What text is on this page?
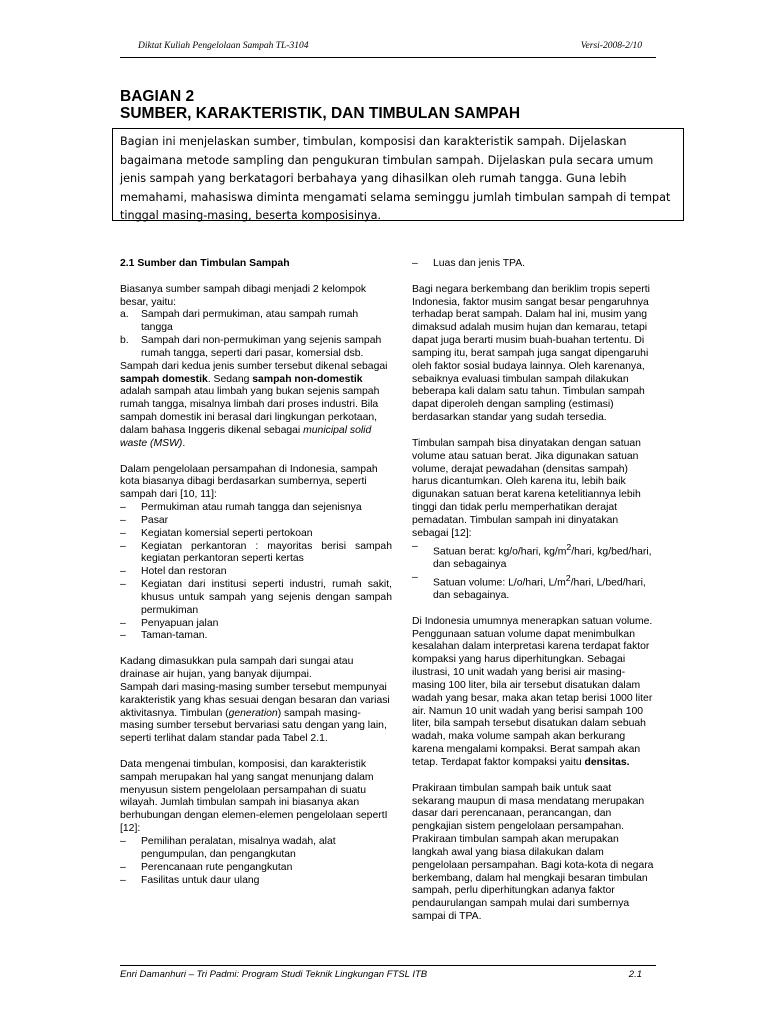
Diktat Kuliah Pengelolaan Sampah TL-3104	Versi-2008-2/10
BAGIAN 2
SUMBER, KARAKTERISTIK, DAN TIMBULAN SAMPAH
Bagian ini menjelaskan sumber, timbulan, komposisi dan karakteristik sampah. Dijelaskan bagaimana metode sampling dan pengukuran timbulan sampah. Dijelaskan pula secara umum jenis sampah yang berkatagori berbahaya yang dihasilkan oleh rumah tangga. Guna lebih memahami, mahasiswa diminta mengamati selama seminggu jumlah timbulan sampah di tempat tinggal masing-masing, beserta komposisinya.

2.1 Sumber dan Timbulan Sampah

Biasanya sumber sampah dibagi menjadi 2 kelompok besar, yaitu:

a.	Sampah dari permukiman, atau sampah rumah tangga
b.	Sampah dari non-permukiman yang sejenis sampah rumah tangga, seperti dari pasar, komersial dsb.

Sampah dari kedua jenis sumber tersebut dikenal sebagai sampah domestik. Sedang sampah non-domestik adalah sampah atau limbah yang bukan sejenis sampah rumah tangga, misalnya limbah dari proses industri. Bila sampah domestik ini berasal dari lingkungan perkotaan, dalam bahasa Inggeris dikenal sebagai municipal solid waste (MSW).

Dalam pengelolaan persampahan di Indonesia, sampah kota biasanya dibagi berdasarkan sumbernya, seperti sampah dari [10, 11]:

–	Permukiman atau rumah tangga dan sejenisnya
–	Pasar
–	Kegiatan komersial seperti pertokoan
–	Kegiatan perkantoran : mayoritas berisi sampah kegiatan perkantoran seperti kertas
–	Hotel dan restoran
–	Kegiatan dari institusi seperti industri, rumah sakit, khusus untuk sampah yang sejenis dengan sampah permukiman
–	Penyapuan jalan
–	Taman-taman.

Kadang dimasukkan pula sampah dari sungai atau drainase air hujan, yang banyak dijumpai.

Sampah dari masing-masing sumber tersebut mempunyai karakteristik yang khas sesuai dengan besaran dan variasi aktivitasnya. Timbulan (generation) sampah masing-masing sumber tersebut bervariasi satu dengan yang lain, seperti terlihat dalam standar pada Tabel 2.1.

Data mengenai timbulan, komposisi, dan karakteristik sampah merupakan hal yang sangat menunjang dalam menyusun sistem pengelolaan persampahan di suatu wilayah. Jumlah timbulan sampah ini biasanya akan berhubungan dengan elemen-elemen pengelolaan sepertI [12]:

–	Pemilihan peralatan, misalnya wadah, alat pengumpulan, dan pengangkutan
–	Perencanaan rute pengangkutan
–	Fasilitas untuk daur ulang
–	Luas dan jenis TPA.

Bagi negara berkembang dan beriklim tropis seperti Indonesia, faktor musim sangat besar pengaruhnya terhadap berat sampah. Dalam hal ini, musim yang dimaksud adalah musim hujan dan kemarau, tetapi dapat juga berarti musim buah-buahan tertentu. Di samping itu, berat sampah juga sangat dipengaruhi oleh faktor sosial budaya lainnya. Oleh karenanya, sebaiknya evaluasi timbulan sampah dilakukan beberapa kali dalam satu tahun. Timbulan sampah dapat diperoleh dengan sampling (estimasi) berdasarkan standar yang sudah tersedia.

Timbulan sampah bisa dinyatakan dengan satuan volume atau satuan berat. Jika digunakan satuan volume, derajat pewadahan (densitas sampah) harus dicantumkan. Oleh karena itu, lebih baik digunakan satuan berat karena ketelitiannya lebih tinggi dan tidak perlu memperhatikan derajat pemadatan. Timbulan sampah ini dinyatakan sebagai [12]:

–	Satuan berat: kg/o/hari, $kg/m^2$/hari, kg/bed/hari, dan sebagainya
–	Satuan volume: L/o/hari, $L/m^2$/hari, L/bed/hari, dan sebagainya.

Di Indonesia umumnya menerapkan satuan volume. Penggunaan satuan volume dapat menimbulkan kesalahan dalam interpretasi karena terdapat faktor kompaksi yang harus diperhitungkan. Sebagai ilustrasi, 10 unit wadah yang berisi air masing-masing 100 liter, bila air tersebut disatukan dalam wadah yang besar, maka akan tetap berisi 1000 liter air. Namun 10 unit wadah yang berisi sampah 100 liter, bila sampah tersebut disatukan dalam sebuah wadah, maka volume sampah akan berkurang karena mengalami kompaksi. Berat sampah akan tetap. Terdapat faktor kompaksi yaitu densitas.

Prakiraan timbulan sampah baik untuk saat sekarang maupun di masa mendatang merupakan dasar dari perencanaan, perancangan, dan pengkajian sistem pengelolaan persampahan. Prakiraan timbulan sampah akan merupakan langkah awal yang biasa dilakukan dalam pengelolaan persampahan. Bagi kota-kota di negara berkembang, dalam hal mengkaji besaran timbulan sampah, perlu diperhitungkan adanya faktor pendaurulangan sampah mulai dari sumbernya sampai di TPA.

Enri Damanhuri – Tri Padmi: Program Studi Teknik Lingkungan FTSL ITB	2.1
